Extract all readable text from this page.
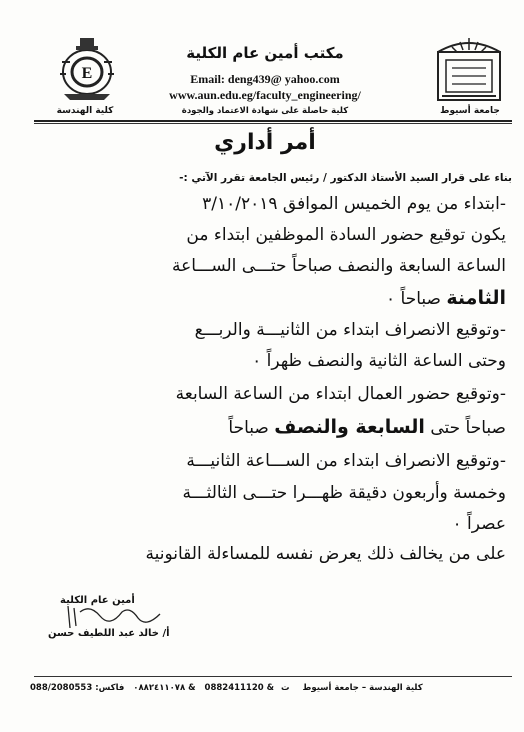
E
مكتب أمين عام الكلية
Email: deng439@ yahoo.com
www.aun.edu.eg/faculty_engineering/
جامعة أسيوط
كلية حاصلة على شهادة الاعتماد والجودة
كلية الهندسة
أمر أداري
بناء على قرار السيد الأستاذ الدكتور / رئيس الجامعة تقرر الآتي :-
-ابتداء من يوم الخميس الموافق ٣/١٠/٢٠١٩
يكون توقيع حضور السادة الموظفين ابتداء من
الساعة السابعة والنصف صباحاً حتـــى الســـاعة
الثامنة صباحاً ٠
-وتوقيع الانصراف ابتداء من الثانيـــة والربـــع
وحتى الساعة الثانية والنصف ظهراً ٠
-وتوقيع حضور العمال ابتداء من الساعة السابعة
صباحاً حتى السابعة والنصف صباحاً
-وتوقيع الانصراف ابتداء من الســـاعة الثانيـــة
وخمسة وأربعون دقيقة ظهـــرا حتـــى الثالثـــة
عصراً ٠
على من يخالف ذلك يعرض نفسه للمساءلة القانونية
أمين عام الكلية
أ/ خالد عبد اللطيف حسن
فاكس: 088/2080553 ٠٨٨٢٤١١٠٧٨ & 0882411120 & ت كلية الهندسة – جامعة أسيوط
